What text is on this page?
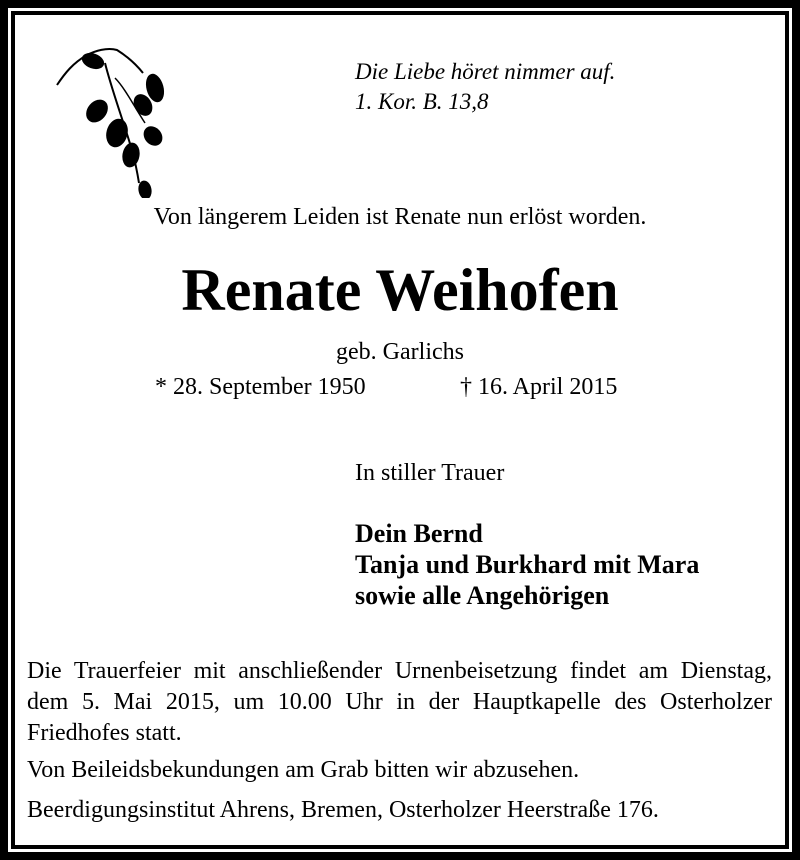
Die Liebe höret nimmer auf.
1. Kor. B. 13,8
Von längerem Leiden ist Renate nun erlöst worden.
Renate Weihofen
geb. Garlichs
* 28. September 1950	† 16. April 2015
In stiller Trauer
Dein Bernd
Tanja und Burkhard mit Mara
sowie alle Angehörigen

Die Trauerfeier mit anschließender Urnenbeisetzung findet am Dienstag, dem 5. Mai 2015, um 10.00 Uhr in der Hauptkapelle des Osterholzer Friedhofes statt.

Von Beileidsbekundungen am Grab bitten wir abzusehen.

Beerdigungsinstitut Ahrens, Bremen, Osterholzer Heerstraße 176.
